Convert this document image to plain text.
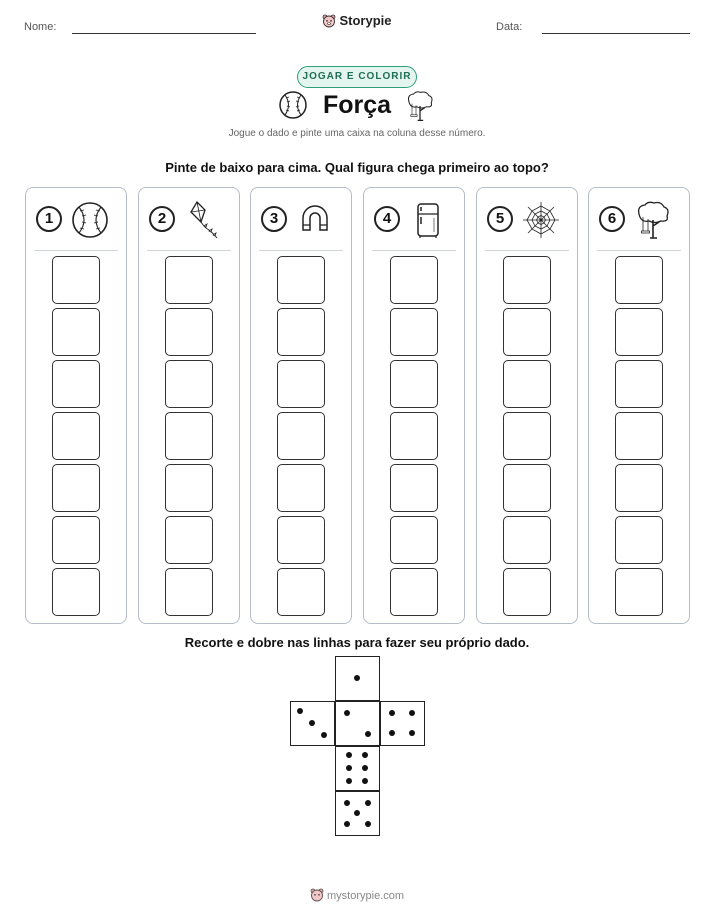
Nome:	Storypie	Data:
JOGAR E COLORIR
Força
Jogue o dado e pinte uma caixa na coluna desse número.
Pinte de baixo para cima. Qual figura chega primeiro ao topo?
1	2	3	4	5	6
Recorte e dobre nas linhas para fazer seu próprio dado.
mystorypie.com
